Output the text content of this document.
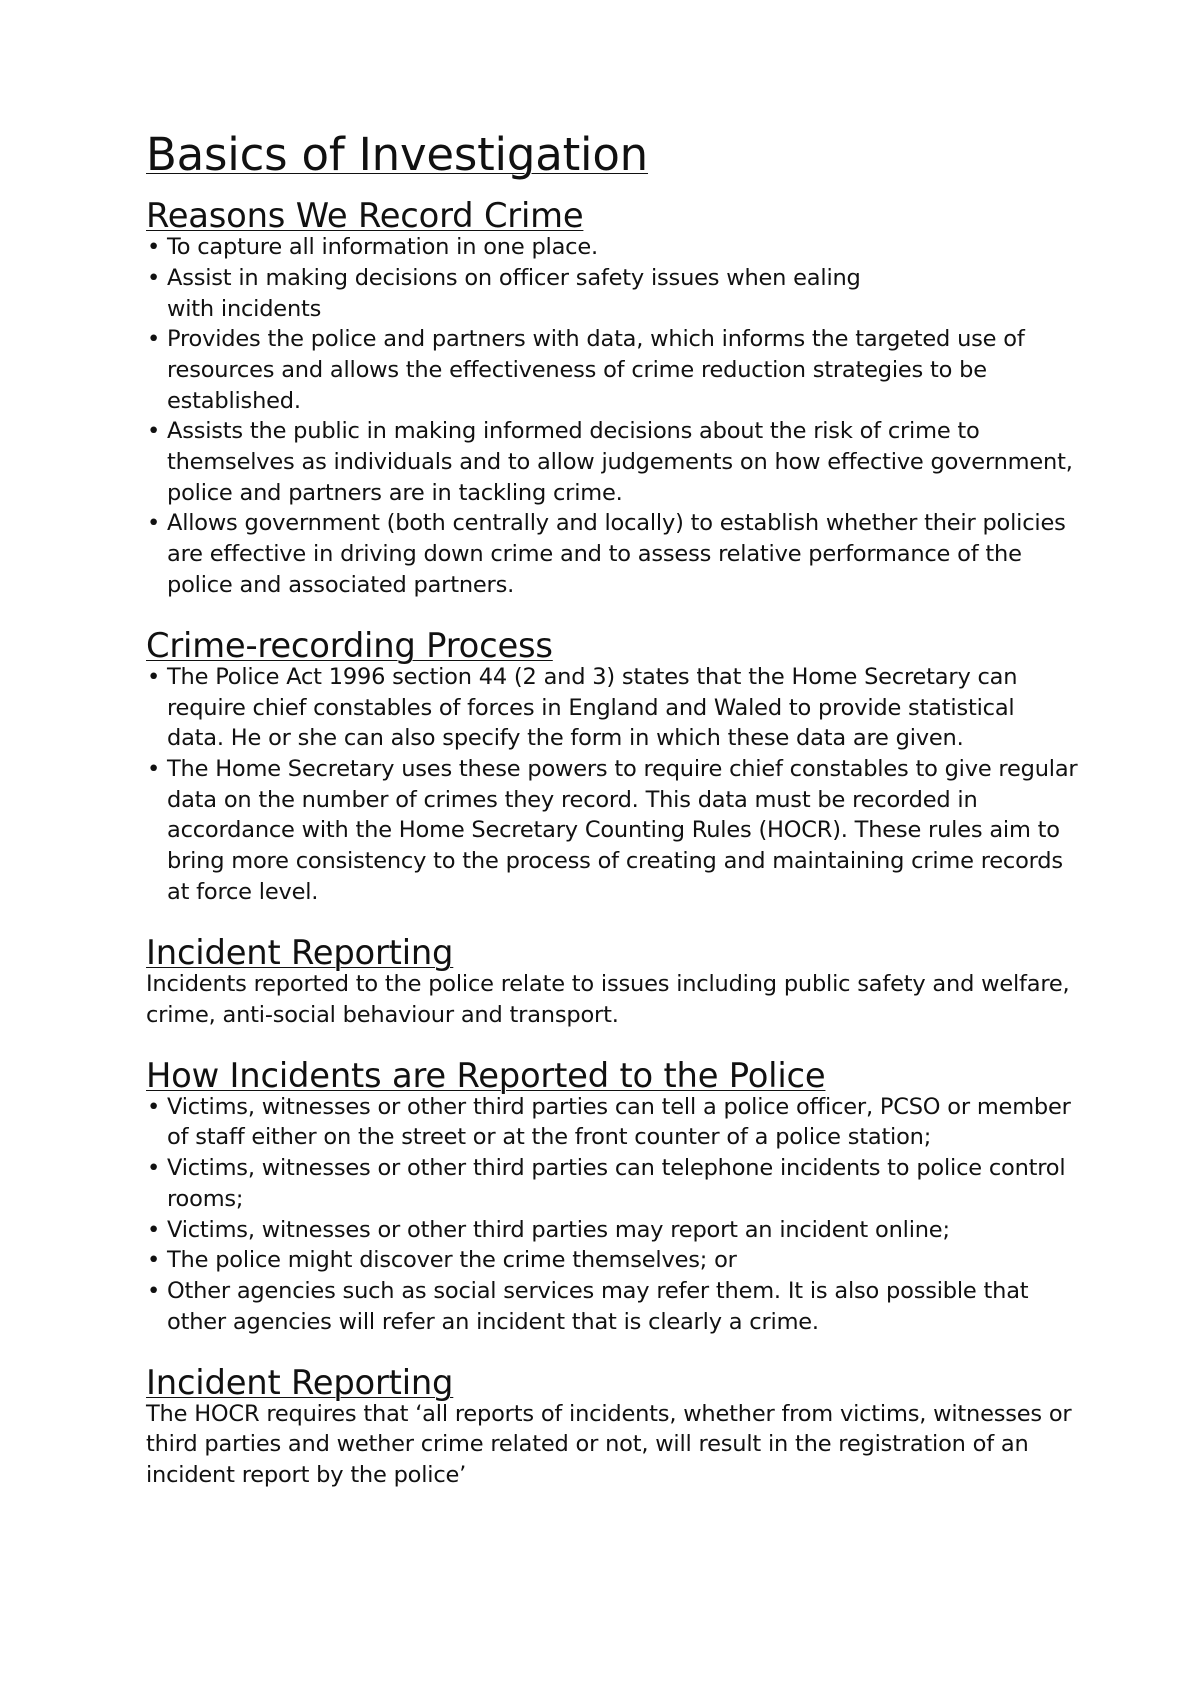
Basics of Investigation
Reasons We Record Crime
• To capture all information in one place.
• Assist in making decisions on officer safety issues when ealing with incidents
• Provides the police and partners with data, which informs the targeted use of resources and allows the effectiveness of crime reduction strategies to be established.
• Assists the public in making informed decisions about the risk of crime to themselves as individuals and to allow judgements on how effective government, police and partners are in tackling crime.
• Allows government (both centrally and locally) to establish whether their policies are effective in driving down crime and to assess relative performance of the police and associated partners.
Crime-recording Process
• The Police Act 1996 section 44 (2 and 3) states that the Home Secretary can require chief constables of forces in England and Waled to provide statistical data. He or she can also specify the form in which these data are given.
• The Home Secretary uses these powers to require chief constables to give regular data on the number of crimes they record. This data must be recorded in accordance with the Home Secretary Counting Rules (HOCR). These rules aim to bring more consistency to the process of creating and maintaining crime records at force level.
Incident Reporting

Incidents reported to the police relate to issues including public safety and welfare, crime, anti-social behaviour and transport.

How Incidents are Reported to the Police
• Victims, witnesses or other third parties can tell a police officer, PCSO or member of staff either on the street or at the front counter of a police station;
• Victims, witnesses or other third parties can telephone incidents to police control rooms;
• Victims, witnesses or other third parties may report an incident online;
• The police might discover the crime themselves; or
• Other agencies such as social services may refer them. It is also possible that other agencies will refer an incident that is clearly a crime.
Incident Reporting

The HOCR requires that ‘all reports of incidents, whether from victims, witnesses or third parties and wether crime related or not, will result in the registration of an incident report by the police’
